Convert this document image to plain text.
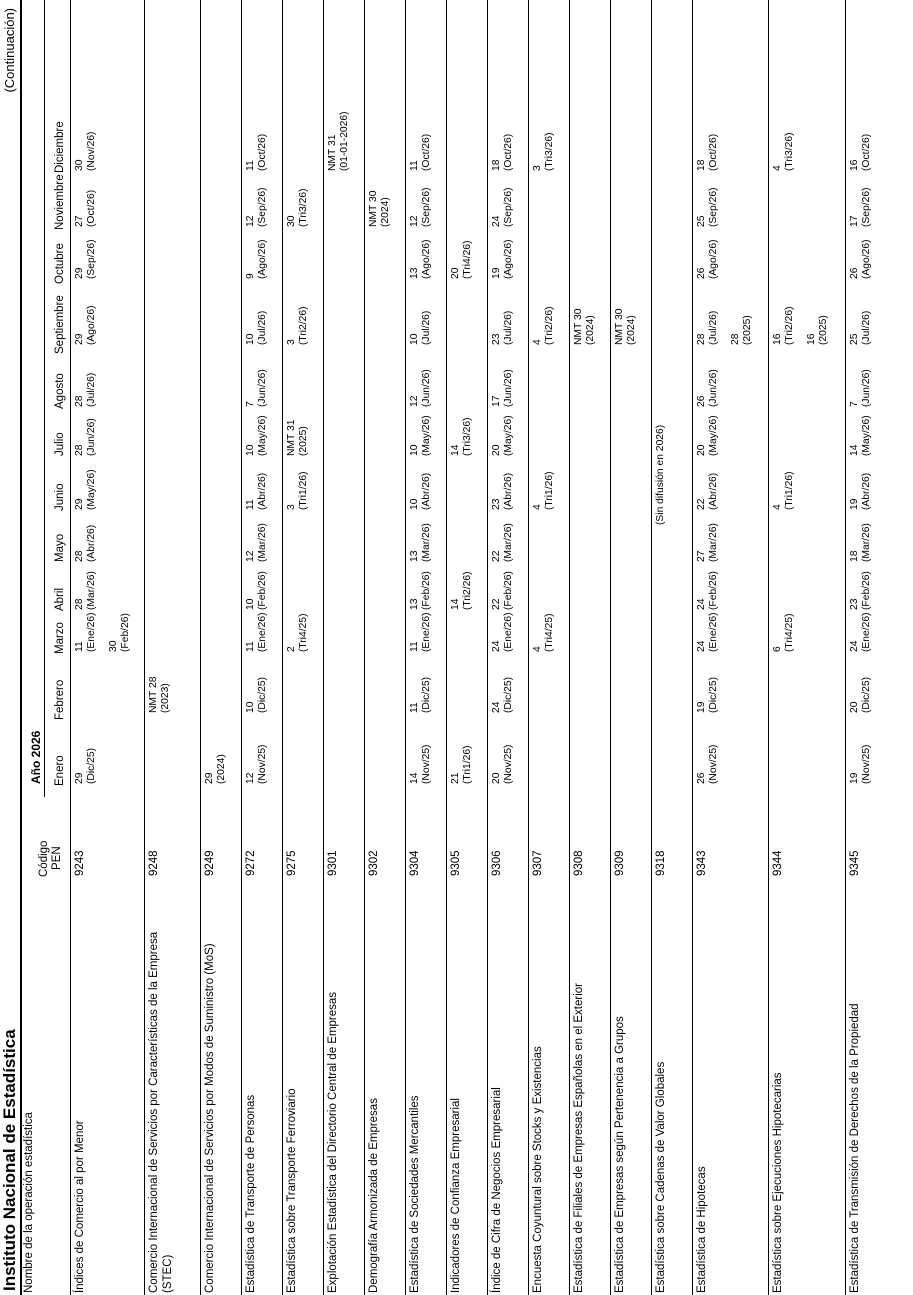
Instituto Nacional de Estadística
(Continuación)
Nombre de la operación estadística
Código PEN
Año 2026 Enero
Febrero
Marzo
Abril
Mayo
Junio
Julio
Agosto
Septiembre
Octubre
Noviembre
Diciembre
Índices de Comercio al por Menor
9243
29 (Dic/25)
11 (Ene/26) 30 (Feb/26)
28 (Mar/26)
28 (Abr/26)
29 (May/26)
28 (Jun/26)
28 (Jul/26)
29 (Ago/26)
29 (Sep/26)
27 (Oct/26)
30 (Nov/26)
Comercio Internacional de Servicios por Características de la Empresa (STEC)
9248
NMT 28 (2023)
Comercio Internacional de Servicios por Modos de Suministro (MoS)
9249
29 (2024)
Estadística de Transporte de Personas
9272
12 (Nov/25)
10 (Dic/25)
11 (Ene/26)
10 (Feb/26)
12 (Mar/26)
11 (Abr/26)
10 (May/26)
7 (Jun/26)
10 (Jul/26)
9 (Ago/26)
12 (Sep/26)
11 (Oct/26)
Estadística sobre Transporte Ferroviario
9275
2 (Tri4/25)
3 (Tri1/26)
NMT 31 (2025)
3 (Tri2/26)
30 (Tri3/26)
Explotación Estadística del Directorio Central de Empresas
9301
NMT 31 (01-01-2026)
Demografía Armonizada de Empresas
9302
NMT 30 (2024)
Estadística de Sociedades Mercantiles
9304
14 (Nov/25)
11 (Dic/25)
11 (Ene/26)
13 (Feb/26)
13 (Mar/26)
10 (Abr/26)
10 (May/26)
12 (Jun/26)
10 (Jul/26)
13 (Ago/26)
12 (Sep/26)
11 (Oct/26)
Indicadores de Confianza Empresarial
9305
21 (Tri1/26)
14 (Tri2/26)
14 (Tri3/26)
20 (Tri4/26)
Índice de Cifra de Negocios Empresarial
9306
20 (Nov/25)
24 (Dic/25)
24 (Ene/26)
22 (Feb/26)
22 (Mar/26)
23 (Abr/26)
20 (May/26)
17 (Jun/26)
23 (Jul/26)
19 (Ago/26)
24 (Sep/26)
18 (Oct/26)
Encuesta Coyuntural sobre Stocks y Existencias
9307
4 (Tri4/25)
4 (Tri1/26)
4 (Tri2/26)
3 (Tri3/26)
Estadística de Filiales de Empresas Españolas en el Exterior
9308
NMT 30 (2024)
Estadística de Empresas según Pertenencia a Grupos
9309
NMT 30 (2024)
Estadística sobre Cadenas de Valor Globales
9318
(Sin difusión en 2026)
Estadística de Hipotecas
9343
26 (Nov/25)
19 (Dic/25)
24 (Ene/26)
24 (Feb/26)
27 (Mar/26)
22 (Abr/26)
20 (May/26)
26 (Jun/26)
28 (Jul/26) 28 (2025)
26 (Ago/26)
25 (Sep/26)
18 (Oct/26)
Estadística sobre Ejecuciones Hipotecarias
9344
6 (Tri4/25)
4 (Tri1/26)
16 (Tri2/26) 16 (2025)
4 (Tri3/26)
Estadística de Transmisión de Derechos de la Propiedad
9345
19 (Nov/25)
20 (Dic/25)
24 (Ene/26)
23 (Feb/26)
18 (Mar/26)
19 (Abr/26)
14 (May/26)
7 (Jun/26)
25 (Jul/26)
26 (Ago/26)
17 (Sep/26)
16 (Oct/26)
